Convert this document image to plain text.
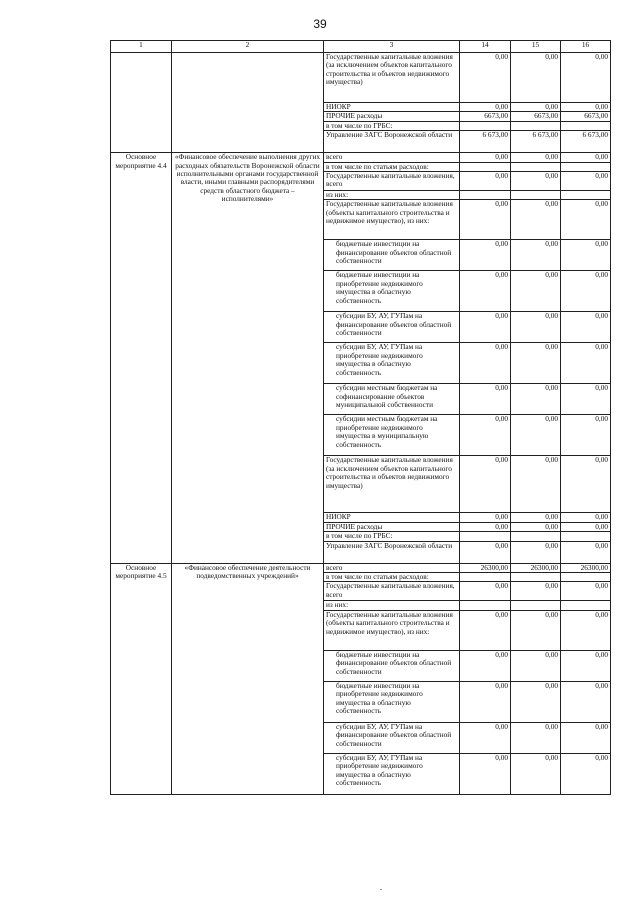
39
1	2	3	14	15	16
		Государственные капитальные вложения (за исключением объектов капитального строительства и объектов недвижимого имущества)	0,00	0,00	0,00
		НИОКР	0,00	0,00	0,00
		ПРОЧИЕ расходы	6673,00	6673,00	6673,00
		в том числе по ГРБС:			
		Управление ЗАГС Воронежской области	6 673,00	6 673,00	6 673,00
Основное мероприятие 4.4	«Финансовое обеспечение выполнения других расходных обязательств Воронежской области исполнительными органами государственной власти, иными главными распорядителями средств областного бюджета – исполнителями»	всего	0,00	0,00	0,00
		в том числе по статьям расходов:			
		Государственные капитальные вложения, всего	0,00	0,00	0,00
		из них:			
		Государственные капитальные вложения (объекты капитального строительства и недвижимое имущество), из них:	0,00	0,00	0,00
		бюджетные инвестиции на финансирование объектов областной собственности	0,00	0,00	0,00
		бюджетные инвестиции на приобретение недвижимого имущества в областную собственность	0,00	0,00	0,00
		субсидии БУ, АУ, ГУПам на финансирование объектов областной собственности	0,00	0,00	0,00
		субсидии БУ, АУ, ГУПам на приобретение недвижимого имущества в областную собственность	0,00	0,00	0,00
		субсидии местным бюджетам на софинансирование объектов муниципальной собственности	0,00	0,00	0,00
		субсидии местным бюджетам на приобретение недвижимого имущества в муниципальную собственность	0,00	0,00	0,00
		Государственные капитальные вложения (за исключением объектов капитального строительства и объектов недвижимого имущества)	0,00	0,00	0,00
		НИОКР	0,00	0,00	0,00
		ПРОЧИЕ расходы	0,00	0,00	0,00
		в том числе по ГРБС:			
		Управление ЗАГС Воронежской области	0,00	0,00	0,00
Основное мероприятие 4.5	«Финансовое обеспечение деятельности подведомственных учреждений»	всего	26300,00	26300,00	26300,00
		в том числе по статьям расходов:			
		Государственные капитальные вложения, всего	0,00	0,00	0,00
		из них:			
		Государственные капитальные вложения (объекты капитального строительства и недвижимое имущество), из них:	0,00	0,00	0,00
		бюджетные инвестиции на финансирование объектов областной собственности	0,00	0,00	0,00
		бюджетные инвестиции на приобретение недвижимого имущества в областную собственность	0,00	0,00	0,00
		субсидии БУ, АУ, ГУПам на финансирование объектов областной собственности	0,00	0,00	0,00
		субсидии БУ, АУ, ГУПам на приобретение недвижимого имущества в областную собственность	0,00	0,00	0,00
